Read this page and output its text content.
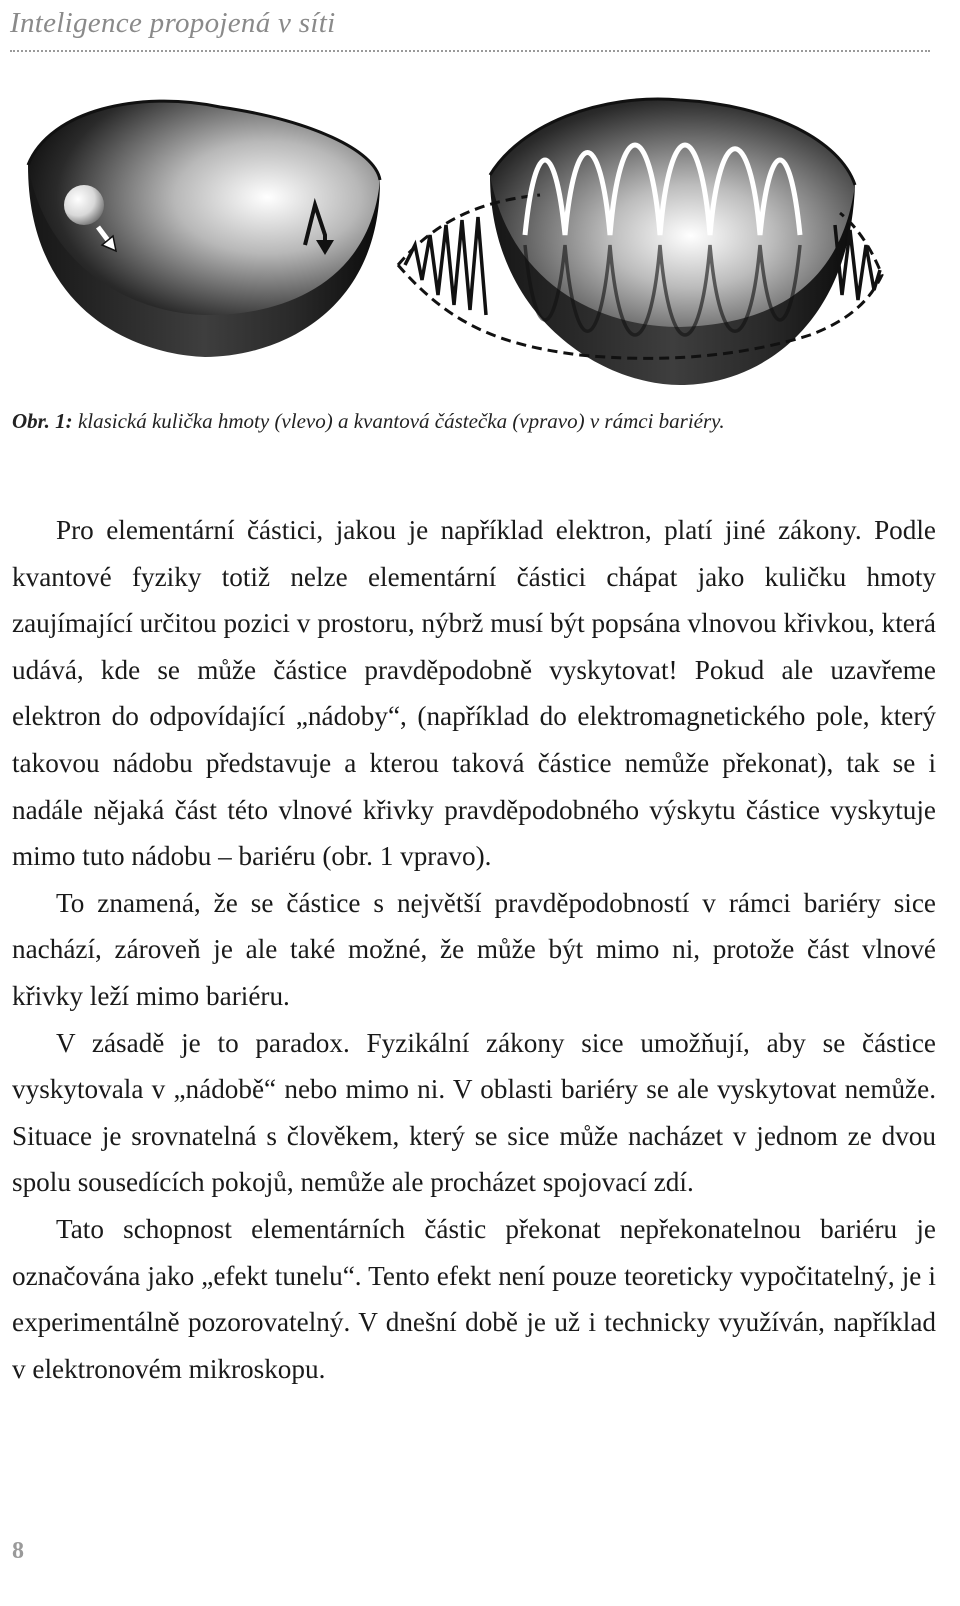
Inteligence propojená v síti
Obr. 1: klasická kulička hmoty (vlevo) a kvantová částečka (vpravo) v rámci bariéry.

Pro elementární částici, jakou je například elektron, platí jiné zákony. Podle kvantové fyziky totiž nelze elementární částici chápat jako kuličku hmoty zaujímající určitou pozici v prostoru, nýbrž musí být popsána vlnovou křivkou, která udává, kde se může částice pravděpodobně vyskytovat! Pokud ale uzavřeme elektron do odpovídající „nádoby“, (například do elektromagnetického pole, který takovou nádobu představuje a kterou taková částice nemůže překonat), tak se i nadále nějaká část této vlnové křivky pravděpodobného výskytu částice vyskytuje mimo tuto nádobu – bariéru (obr. 1 vpravo).

To znamená, že se částice s největší pravděpodobností v rámci bariéry sice nachází, zároveň je ale také možné, že může být mimo ni, protože část vlnové křivky leží mimo bariéru.

V zásadě je to paradox. Fyzikální zákony sice umožňují, aby se částice vyskytovala v „nádobě“ nebo mimo ni. V oblasti bariéry se ale vyskytovat nemůže. Situace je srovnatelná s člověkem, který se sice může nacházet v jednom ze dvou spolu sousedících pokojů, nemůže ale procházet spojovací zdí.

Tato schopnost elementárních částic překonat nepřekonatelnou bariéru je označována jako „efekt tunelu“. Tento efekt není pouze teoreticky vypočitatelný, je i experimentálně pozorovatelný. V dnešní době je už i technicky využíván, například v elektronovém mikroskopu.

8
